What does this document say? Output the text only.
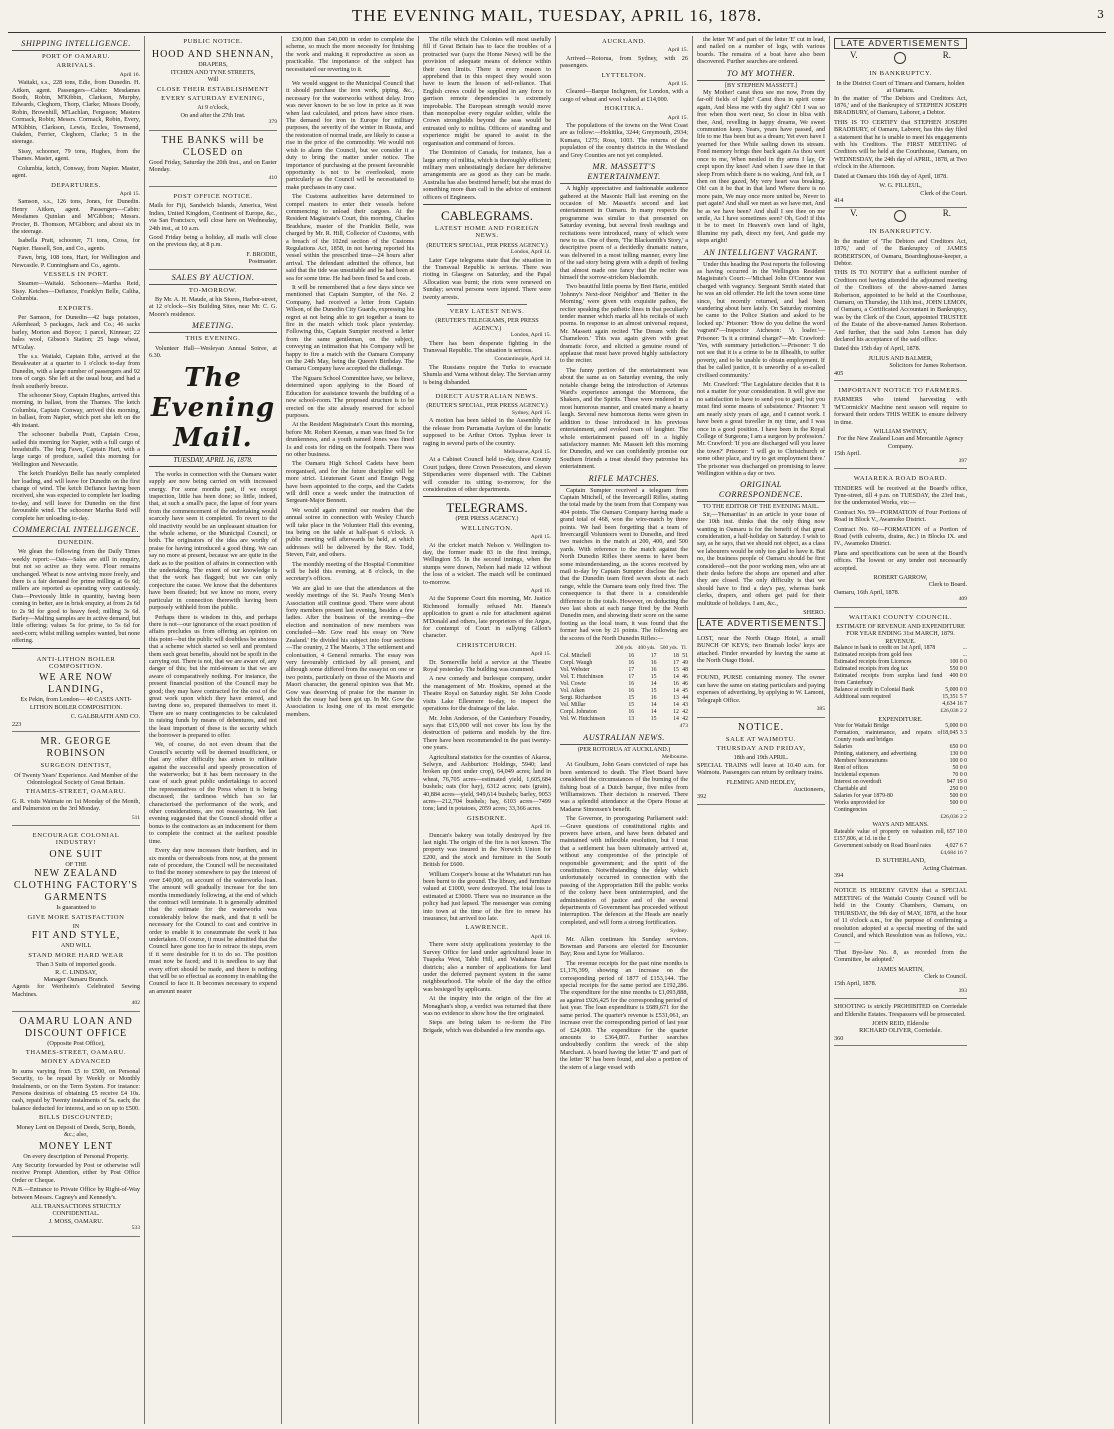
THE EVENING MAIL, TUESDAY, APRIL 16, 1878.	3
SHIPPING INTELLIGENCE.
PORT OF OAMARU.
ARRIVALS.
April 16.

Waitaki, s.s., 228 tons, Edie, from Dunedin. H. Aitken, agent. Passengers—Cabin: Mesdames Booth, Robin, M'Kibbin, Clarkson, Murphy, Edwards, Cleghorn, Thorp, Clarke; Misses Doody, Robin, Brownhill, M'Lachlan, Ferguson; Masters Cormack, Robin; Messrs. Cormack, Robin, Every, M'Kibbin, Clarkson, Lewis, Eccles, Townsend, Oakden, Ferrier, Cleghorn, Clarke; 5 in the steerage.

Sissy, schooner, 79 tons, Hughes, from the Thames. Master, agent.

Columbia, ketch, Conway, from Napier. Master, agent.

DEPARTURES.
April 15.

Samson, s.s., 126 tons, Jones, for Dunedin. Henry Aitken, agent. Passengers—Cabin: Mesdames Quinlan and M'Gibbon; Messrs. Procter, B. Thomson, M'Gibbon; and about six in the steerage.

Isabella Pratt, schooner, 71 tons, Cross, for Napier. Hassell, Son, and Co., agents.

Fawn, brig, 108 tons, Hart, for Wellington and Newcastle. P. Cunningham and Co., agents.

VESSELS IN PORT.

Steamer—Waitaki. Schooners—Martha Reid, Sissy. Ketches—Defiance, Franklyn Belle, Caltha, Columbia.

EXPORTS.

Per Samson, for Dunedin—42 bags potatoes, Aikenhead; 3 packages, Jack and Co.; 46 sacks barley, Morton and Boyce; 1 parcel, Kinnear; 22 bales wool, Gibson's Station; 25 bags wheat, M'Gulay.

The s.s. Waitaki, Captain Edie, arrived at the Breakwater at a quarter to 1 o'clock to-day from Dunedin, with a large number of passengers and 92 tons of cargo. She left at the usual hour, and had a fresh southerly breeze.

The schooner Sissy, Captain Hughes, arrived this morning, in ballast, from the Thames. The ketch Columbia, Captain Conway, arrived this morning, in ballast, from Napier, which port she left on the 4th instant.

The schooner Isabella Pratt, Captain Cross, sailed this morning for Napier, with a full cargo of breadstuffs. The brig Fawn, Captain Hart, with a large cargo of produce, sailed this morning for Wellington and Newcastle.

The ketch Franklyn Belle has nearly completed her loading, and will leave for Dunedin on the first change of wind. The ketch Defiance having been received, she was expected to complete her loading to-day, and will leave for Dunedin on the first favourable wind. The schooner Martha Reid will complete her unloading to-day.

COMMERCIAL INTELLIGENCE.
DUNEDIN.

We glean the following from the Daily Times weekly report:—Oats—Sales are still in enquiry, but not so active as they were. Flour remains unchanged. Wheat is now arriving more freely, and there is a fair demand for prime milling at 6s 6d; millers are reported as operating very cautiously. Oats—Previously little in quantity, having been coming in better, are in brisk enquiry, at from 2s 6d to 2s 9d for good to heavy feed; milling 3s 6d. Barley—Malting samples are in active demand, but little offering; values 5s for prime, to 5s 6d for seed-corn; whilst milling samples wanted, but none offering.

ANTI-LITHON BOILER COMPOSITION.
WE ARE NOW LANDING,

Ex Pekin, from London— 40 CASES ANTI-LITHON BOILER COMPOSITION.

C. GALBRAITH AND CO.
223
MR. GEORGE ROBINSON
SURGEON DENTIST,

Of Twenty Years' Experience. And Member of the Odontological Society of Great Britain.

THAMES-STREET, OAMARU.

G. R. visits Waimate on 1st Monday of the Month, and Palmerston on the 3rd Monday.

511
ENCOURAGE COLONIAL INDUSTRY!
ONE SUIT
OF THE
NEW ZEALAND CLOTHING FACTORY'S GARMENTS
Is guaranteed to
GIVE MORE SATISFACTION
IN
FIT AND STYLE,
AND WILL
STAND MORE HARD WEAR
Than 3 Suits of imported goods.
R. C. LINDSAY,
Manager Oamaru Branch.

Agents for Wertheim's Celebrated Sewing Machines.

402
OAMARU LOAN AND DISCOUNT OFFICE
(Opposite Post Office),
THAMES-STREET, OAMARU.
MONEY ADVANCED

In sums varying from £5 to £500, on Personal Security, to be repaid by Weekly or Monthly Instalments, or on the Term System. For instance: Persons desirous of obtaining £5 receive £4 10s. cash, repaid by Twenty instalments of 5s. each; the balance deducted for interest, and so on up to £500.

BILLS DISCOUNTED;

Money Lent on Deposit of Deeds, Scrip, Bonds, &c.; also,

MONEY LENT

On every description of Personal Property.

Any Security forwarded by Post or otherwise will receive Prompt Attention, either by Post Office Order or Cheque.

N.B.—Entrance to Private Office by Right-of-Way between Messrs. Cagney's and Kennedy's.

ALL TRANSACTIONS STRICTLY CONFIDENTIAL.
J. MOSS, OAMARU.
533
PUBLIC NOTICE.
HOOD AND SHENNAN,
DRAPERS,
ITCHEN AND TYNE STREETS,
Will
CLOSE THEIR ESTABLISHMENT
EVERY SATURDAY EVENING,
At 9 o'clock,
On and after the 27th Inst.
379
THE BANKS will be CLOSED on

Good Friday, Saturday the 20th Inst., and on Easter Monday.

410
POST OFFICE NOTICE.

Mails for Fiji, Sandwich Islands, America, West Indies, United Kingdom, Continent of Europe, &c., via San Francisco, will close here on Wednesday, 24th inst., at 10 a.m.

Good Friday being a holiday, all mails will close on the previous day, at 8 p.m.

F. BRODIE,
Postmaster.
SALES BY AUCTION.
TO-MORROW.

By Mr. A. H. Maude, at his Stores, Harbor-street, at 12 o'clock—Six Building Sites, near Mr. C. G. Moore's residence.

MEETING.
THIS EVENING.

Volunteer Hall—Wesleyan Annual Soiree, at 6.30.

The Evening Mail.
TUESDAY, APRIL 16, 1878.

The works in connection with the Oamaru water supply are now being carried on with increased energy. For some months past, if we except inspection, little has been done; so little, indeed, that, at such a small's pace, the lapse of four years from the commencement of the undertaking would scarcely have seen it completed. To revert to the old inactivity would be an unpleasant situation for the whole scheme, or the Municipal Council, or both. The originators of the idea are worthy of praise for having introduced a good thing. We can say no more at present, because we are quite in the dark as to the position of affairs in connection with the undertaking. The extent of our knowledge is that the work has flagged; but we can only conjecture the cause. We know that the debentures have been floated; but we know no more, every particular in connection therewith having been purposely withheld from the public.

Perhaps there is wisdom in this, and perhaps there is not—our ignorance of the exact position of affairs precludes us from offering an opinion on this point—but the public will doubtless be anxious that a scheme which started so well and promised them such great benefits, should not be spoilt in the carrying out. There is not, that we are aware of, any danger of this; but the mid-stream is that we are aware of comparatively nothing. For instance, the present financial position of the Council may be good; they may have contracted for the cost of the great work upon which they have entered, and having done so, prepared themselves to meet it. There are so many contingencies to be calculated in raising funds by means of debentures, and not the least important of these is the security which the borrower is prepared to offer.

We, of course, do not even dream that the Council's security will be deemed insufficient, or that any other difficulty has arisen to militate against the successful and speedy prosecution of the waterworks; but it has been necessary in the case of such great public undertakings to accord the representatives of the Press when it is being discussed; the tardiness which has so far characterised the performance of the work, and other considerations, are not reassuring. We last evening suggested that the Council should offer a bonus to the contractors as an inducement for them to complete the contract at the earliest possible time.

Every day now increases their burthen, and in six months or thereabouts from now, at the present rate of procedure, the Council will be necessitated to find the money somewhere to pay the interest of over £40,000, on account of the waterworks loan. The amount will gradually increase for the ten months immediately following, at the end of which the contract will terminate. It is generally admitted that the estimate for the waterworks was considerably below the mark, and that it will be necessary for the Council to cast and contrive in order to enable it to consummate the work it has undertaken. Of course, it must be admitted that the Council have gone too far to retrace its steps, even if it were desirable for it to do so. The position must now be faced; and it is needless to say that every effort should be made, and there is nothing that will be so effectual as economy in enabling the Council to face it. It becomes necessary to expend an amount nearer

£30,000 than £40,000 in order to complete the scheme, so much the more necessity for finishing the work and making it reproductive as soon as practicable. The importance of the subject has necessitated our reverting to it.

We would suggest to the Municipal Council that it should purchase the iron work, piping, &c., necessary for the waterworks without delay. Iron was never known to be so low in price as it was when last calculated, and prices have since risen. The demand for iron in Europe for military purposes, the severity of the winter in Russia, and the restoration of normal trade, are likely to cause a rise in the price of the commodity. We would not wish to alarm the Council, but we consider it a duty to bring the matter under notice. The importance of purchasing at the present favourable opportunity is not to be overlooked, more particularly as the Council will be necessitated to make purchases in any case.

The Customs authorities have determined to compel masters to enter their vessels before commencing to unload their cargoes. At the Resident Magistrate's Court, this morning, Charles Bradshaw, master of the Franklin Belle, was charged by Mr. R. Hill, Collector of Customs, with a breach of the 102nd section of the Customs Regulations Act, 1858, in not having reported his vessel within the prescribed time—24 hours after arrival. The defendant admitted the offence, but said that the tide was unsuitable and he had been at sea for some time. He had been fined 5s and costs.

It will be remembered that a few days since we mentioned that Captain Sumpter, of the No. 2 Company, had received a letter from Captain Wilson, of the Dunedin City Guards, expressing his regret at not being able to get together a team to fire in the match which took place yesterday. Following this, Captain Sumpter received a letter from the same gentleman, on the subject, conveying an intimation that his Company will be happy to fire a match with the Oamaru Company on the 24th May, being the Queen's Birthday. The Oamaru Company have accepted the challenge.

The Nguaru School Committee have, we believe, determined upon applying to the Board of Education for assistance towards the building of a new school-room. The proposed structure is to be erected on the site already reserved for school purposes.

At the Resident Magistrate's Court this morning, before Mr. Robert Keenan, a man was fined 5s for drunkenness, and a youth named Jones was fined 1s and costs for riding on the footpath. There was no other business.

The Oamaru High School Cadets have been reorganised, and for the future discipline will be more strict. Lieutenant Grant and Ensign Pegg have been appointed to the corps, and the Cadets will drill once a week under the instruction of Sergeant-Major Bennett.

We would again remind our readers that the annual soiree in connection with Wesley Church will take place in the Volunteer Hall this evening, tea being on the table at half-past 6 o'clock. A public meeting will afterwards be held, at which addresses will be delivered by the Rev. Todd, Steven, Fair, and others.

The monthly meeting of the Hospital Committee will be held this evening, at 8 o'clock, in the secretary's offices.

We are glad to see that the attendances at the weekly meetings of the St. Paul's Young Men's Association still continue good. There were about forty members present last evening, besides a few ladies. After the business of the evening—the election and nomination of new members was concluded—Mr. Gow read his essay on 'New Zealand.' He divided his subject into four sections—The country, 2 The Maoris, 3 The settlement and colonisation, 4 General remarks. The essay was very favourably criticised by all present, and although some differed from the essayist on one or two points, particularly on those of the Maoris and Maori character, the general opinion was that Mr. Gow was deserving of praise for the manner in which the essay had been got up. In Mr. Gow the Association is losing one of its most energetic members.

The rifle which the Colonies will most usefully fill if Great Britain has to face the troubles of a protracted war (says the Home News) will be the provision of adequate means of defence within their own limits. There is every reason to apprehend that in this respect they would soon have to learn the lesson of self-reliance. That English crews could be supplied in any force to garrison remote dependencies is extremely improbable. The European strength would move than monopolise every regular soldier, while the Crown strongholds beyond the seas would be entrusted only to militia. Officers of standing and experience might be spared to assist in the organisation and command of forces.

The Dominion of Canada, for instance, has a large army of militia, which is thoroughly efficient; military men unhesitatingly declare her defensive arrangements are as good as they can be made. Australia has also bestirred herself; but she must do something more than call in the advice of eminent officers of Engineers.

CABLEGRAMS.
LATEST HOME AND FOREIGN NEWS.
(REUTER'S SPECIAL, PER PRESS AGENCY.)
London, April 14.

Later Cape telegrams state that the situation in the Transvaal Republic is serious. There was rioting in Glasgow on Saturday, and the Papal Allocation was burnt; the riots were renewed on Sunday; several persons were injured. There were twenty arrests.

VERY LATEST NEWS.
(REUTER'S TELEGRAMS, PER PRESS AGENCY.)
London, April 15.

There has been desperate fighting in the Transvaal Republic. The situation is serious.

Constantinople, April 14.

The Russians require the Turks to evacuate Shumla and Varna without delay. The Servian army is being disbanded.

DIRECT AUSTRALIAN NEWS.
(REUTER'S SPECIAL, PER PRESS AGENCY.)
Sydney, April 15.

A motion has been tabled in the Assembly for the release from Parramatta Asylum of the lunatic supposed to be Arthur Orton. Typhus fever is raging in several parts of the country.

Melbourne, April 15.

At a Cabinet Council held to-day, three County Court judges, three Crown Prosecutors, and eleven Stipendiaries were dispensed with. The Cabinet will consider its sitting to-morrow, for the consideration of other departments.

TELEGRAMS.
(PER PRESS AGENCY.)
WELLINGTON.
April 15.

At the cricket match Nelson v. Wellington to-day, the former made 83 in the first innings, Wellington 55. In the second innings, when the stumps were drawn, Nelson had made 12 without the loss of a wicket. The match will be continued to-morrow.

April 16.

At the Supreme Court this morning, Mr. Justice Richmond formally refused Mr. Hanna's application to grant a rule for attachment against M'Donald and others, late proprietors of the Argus, for contempt of Court in sullying Gillon's character.

CHRISTCHURCH.
April 15.

Dr. Somerville held a service at the Theatre Royal yesterday. The building was crammed.

A new comedy and burlesque company, under the management of Mr. Hoskins, opened at the Theatre Royal on Saturday night. Sir John Coode visits Lake Ellesmere to-day, to inspect the operations for the drainage of the lake.

Mr. John Anderson, of the Canterbury Foundry, says that £15,000 will not cover his loss by the destruction of patterns and models by the fire. There have been recommended in the past twenty-one years.

Agricultural statistics for the counties of Akaroa, Selwyn, and Ashburton: Holdings, 5940; land broken up (not under crop), 64,049 acres; land in wheat, 76,705 acres—estimated yield, 1,605,684 bushels; oats (for hay), 6312 acres; oats (grain), 40,884 acres—yield, 949,614 bushels; barley, 9053 acres—212,704 bushels; hay, 6103 acres—7499 tons; land in potatoes, 2059 acres; 33,366 acres.

GISBORNE.
April 16.

Duncan's bakery was totally destroyed by fire last night. The origin of the fire is not known. The property was insured in the Norwich Union for £200, and the stock and furniture in the South British for £600.

William Cooper's house at the Whataturi run has been burnt to the ground. The library, and furniture valued at £1000, were destroyed. The total loss is estimated at £3000. There was no insurance as the policy had just lapsed. The messenger was coming into town at the time of the fire to renew his insurance, but arrived too late.

LAWRENCE.
April 16.

There were sixty applications yesterday to the Survey Office for land under agricultural lease in Tuapeka West, Table Hill, and Waitahuna East districts; also a number of applications for land under the deferred payment system in the same neighbourhood. The whole of the day the office was besieged by applicants.

At the inquiry into the origin of the fire at Monaghan's shop, a verdict was returned that there was no evidence to show how the fire originated.

Steps are being taken to re-form the Fire Brigade, which was disbanded a few months ago.

AUCKLAND.
April 15.

Arrived—Rotorua, from Sydney, with 26 passengers.

LYTTELTON.
April 15.

Cleared—Barque Inchgreen, for London, with a cargo of wheat and wool valued at £14,000.

HOKITIKA.
April 15.

The populations of the towns on the West Coast are as follow:—Hokitika, 3244; Greymouth, 2934; Kumara, 1275; Ross, 1003. The returns of the population of the country districts in the Westland and Grey Counties are not yet completed.

MR. MASSETT'S ENTERTAINMENT.

A highly appreciative and fashionable audience gathered at the Masonic Hall last evening on the occasion of Mr. Massett's second and last entertainment in Oamaru. In many respects the programme was similar to that presented on Saturday evening, but several fresh readings and recitations were introduced, many of which were new to us. One of them, 'The Blacksmith's Story,' a descriptive poem of a decidedly dramatic nature, was delivered in a most telling manner, every line of the sad story being given with a depth of feeling that almost made one fancy that the reciter was himself the sorrow-stricken blacksmith.

Two beautiful little poems by Bret Harte, entitled 'Johnny's Next-door Neighbor' and 'Better in the Morning,' were given with exquisite pathos, the reciter speaking the pathetic lines in that peculiarly tender manner which marks all his recitals of such poems. In response to an almost universal request, Mr. Massett again recited 'The Dream with the Chameleon.' This was again given with great dramatic force, and elicited a genuine round of applause that must have proved highly satisfactory to the reciter.

The funny portion of the entertainment was about the same as on Saturday evening, the only notable change being the introduction of Artemus Ward's experience amongst the Mormons, the Shakers, and the Spirits. These were rendered in a most humorous manner, and created many a hearty laugh. Several new humorous items were given in addition to those introduced in his previous entertainment, and evoked roars of laughter. The whole entertainment passed off in a highly satisfactory manner. Mr. Massett left this morning for Dunedin, and we can confidently promise our Southern friends a treat should they patronise his entertainment.

RIFLE MATCHES.

Captain Sumpter received a telegram from Captain Mitchell, of the Invercargill Rifles, stating the total made by the team from that Company was 404 points. The Oamaru Company having made a grand total of 468, won the wire-match by three points. We had been forgetting that a team of Invercargill Volunteers went to Dunedin, and fired two matches in the match at 200, 400, and 500 yards. With reference to the match against the North Dunedin Rifles there seems to have been some misunderstanding, as the scores received by mail to-day by Captain Sumpter disclose the fact that the Dunedin team fired seven shots at each range, while the Oamaru team only fired five. The consequence is that there is a considerable difference in the totals. However, on deducting the two last shots at each range fired by the North Dunedin men, and showing their score on the same footing as the local team, it was found that the former had won by 21 points. The following are the scores of the North Dunedin Rifles:—

	200 yds.	400 yds.	500 yds.	Tl.
Col. Mitchell	16	17	18	51
Corpl. Waugh	16	16	17	49
Vol. Webster	17	16	15	48
Vol. T. Hutchinson	17	15	14	46
Vol. Cowie	16	14	16	46
Vol. Aiken	16	15	14	45
Sergt. Richardson	15	16	13	44
Vol. Millar	15	14	14	43
Corpl. Johnston	16	14	12	42
Vol. W. Hutchinson	13	15	14	42
473
AUSTRALIAN NEWS.
(PER ROTORUA AT AUCKLAND.)
Melbourne.

At Goulburn, John Gears convicted of rape has been sentenced to death. The Fleet Board have considered the circumstances of the burning of the fishing boat of a Dutch barque, five miles from Williamstown. Their decision is reserved. There was a splendid attendance at the Opera House at Madame Simonsen's benefit.

The Governor, in prorogueing Parliament said:—Grave questions of constitutional rights and powers have arisen, and have been debated and maintained with inflexible resolution, but I trust that a settlement has been ultimately arrived at, without any compromise of the principle of responsible government; and the spirit of the constitution. Notwithstanding the delay which unfortunately occurred in connection with the passing of the Appropriation Bill the public works of the colony have been uninterrupted, and the administration of justice and of the several departments of Government has proceeded without interruption. The defences at the Heads are nearly completed, and will form a strong fortification.

Sydney.

Mr. Allen continues his Sunday services. Bowman and Parsons are elected for Encounter Bay; Ross and Lyne for Wallaroo.

The revenue receipts for the past nine months is £1,176,399, showing an increase on the corresponding period of 1877 of £153,144. The special receipts for the same period are £192,286. The expenditure for the nine months is £1,093,888, as against £926,425 for the corresponding period of last year. The loan expenditure is £689,671 for the same period. The quarter's revenue is £531,061, an increase over the corresponding period of last year of £24,000. The expenditure for the quarter amounts to £364,807. Further searches undoubtedly confirm the wreck of the ship Marchant. A board having the letter 'E' and part of the letter 'R' has been found, and also a portion of the stern of a large vessel with

the letter 'M' and part of the letter 'E' cut in lead, and nailed on a number of logs, with various boards. The remains of a boat have also been discovered. Further searches are ordered.

TO MY MOTHER.
[BY STEPHEN MASSETT.]

My Mother! canst thou see me now, From thy far-off fields of light? Canst thou in spirit come again, And bless me with thy sight? Oh! I was so free when thou wert near, So close in bliss with thee, And, revelling in happy dreams, We sweet communion keep. Years, years have passed, and life to me Has been but as a dream; Yet even have I yearned for thee While sailing down its stream. Fond memory brings thee back again As thou wert once to me, When nestled in thy arms I lay, Or crept upon thy knee! And when I saw thee in that sleep From which there is no waking, And felt, as I then on thee gazed, My very heart was breaking. Oh! can it be that in that land Where there is no more pain, We may once more united be, Never to part again? And shall we meet as we have met, And be as we have been? And shall I see thee on me smile, As I have sometimes seen? Oh, God! if this it be to meet In Heaven's own land of light, Illumine my path, direct my feet, And guide my steps aright!

AN INTELLIGENT VAGRANT.

Under this heading the Post reports the following as having occurred in the Wellington Resident Magistrate's Court:—'Michael John O'Connor was charged with vagrancy. Sergeant Smith stated that he was an old offender. He left the town some time since, but recently returned, and had been wandering about here lately. On Saturday morning he came to the Police Station and asked to be locked up.' Prisoner: 'How do you define the word vagrant?'—Inspector Atcheson: 'A loafer.'—Prisoner: 'Is it a criminal charge?'—Mr. Crawford: 'Yes, with summary jurisdiction.'—Prisoner: 'I do not see that it is a crime to be in illhealth, to suffer poverty, and to be unable to obtain employment. If that be called justice, it is unworthy of a so-called civilised community.'

Mr. Crawford: 'The Legislature decides that it is not a matter for your consideration. It will give me no satisfaction to have to send you to gaol; but you must find some means of subsistence.' Prisoner: 'I am nearly sixty years of age, and I cannot work. I have been a great traveller in my time, and I was once in a good position. I have been in the Royal College of Surgeons; I am a surgeon by profession.' Mr. Crawford: 'If you are discharged will you leave the town?' Prisoner: 'I will go to Christchurch or some other place, and try to get employment there.' The prisoner was discharged on promising to leave Wellington within a day or two.

ORIGINAL CORRESPONDENCE.
TO THE EDITOR OF THE EVENING MAIL.

Sir,—'Humanitas' in an article in your issue of the 10th inst. thinks that the only thing now wanting in Oamaru is for the benefit of that great consideration, a half-holiday on Saturday. I wish to say, as he says, that we should not object, as a class we labourers would be only too glad to have it. But no, the business people of Oamaru should be first considered—not the poor working men, who are at their desks before the shops are opened and after they are closed. The only difficulty is that we should have to find a day's pay, whereas bank clerks, drapers, and others get paid for their multitude of holidays. I am, &c.,

SHERO.
LATE ADVERTISEMENTS.

LOST, near the North Otago Hotel, a small BUNCH OF KEYS; two Bramah locks' keys are attached. Finder rewarded by leaving the same at the North Otago Hotel.

FOUND, PURSE containing money. The owner can have the same on stating particulars and paying expenses of advertising, by applying to W. Lamont, Telegraph Office.

385
NOTICE.
SALE AT WAIMOTU.
THURSDAY AND FRIDAY,
18th and 19th APRIL.

SPECIAL TRAINS will leave at 10.40 a.m. for Waimotu. Passengers can return by ordinary trains.

FLEMING AND HEDLEY,
Auctioneers,
392
LATE ADVERTISEMENTS
V.	R.
IN BANKRUPTCY.
In the District Court of Timaru and Oamaru, holden at Oamaru.

In the matter of 'The Debtors and Creditors Act, 1876,' and of the Bankruptcy of STEPHEN JOSEPH BRADBURY, of Oamaru, Laborer, a Debtor.

THIS IS TO CERTIFY that STEPHEN JOSEPH BRADBURY, of Oamaru, Laborer, has this day filed a statement that he is unable to meet his engagements with his Creditors. The FIRST MEETING of Creditors will be held at the Courthouse, Oamaru, on WEDNESDAY, the 24th day of APRIL, 1878, at Two o'clock in the Afternoon.

Dated at Oamaru this 16th day of April, 1878.

W. G. FILLEUL,
Clerk of the Court.
414
V.	R.
IN BANKRUPTCY.

In the matter of 'The Debtors and Creditors Act, 1876,' and of the Bankruptcy of JAMES ROBERTSON, of Oamaru, Boardinghouse-keeper, a Debtor.

THIS IS TO NOTIFY that a sufficient number of Creditors not having attended the adjourned meeting of the Creditors of the above-named James Robertson, appointed to be held at the Courthouse, Oamaru, on Thursday, the 11th inst., JOHN LEMON, of Oamaru, a Certificated Accountant in Bankruptcy, was by the Clerk of the Court, appointed TRUSTEE of the Estate of the above-named James Robertson. And further, that the said John Lemon has duly declared his acceptance of the said office.

Dated this 15th day of April, 1878.

JULIUS AND BALMER,
Solicitors for James Robertson.
405
IMPORTANT NOTICE TO FARMERS.

FARMERS who intend harvesting with 'M'Cormick's' Machine next season will require to forward their orders THIS WEEK to ensure delivery in time.

WILLIAM SWINEY,
For the New Zealand Loan and Mercantile Agency Company.
15th April.
397
WAIAREKA ROAD BOARD.

TENDERS will be received at the Board's office, Tyne-street, till 4 p.m. on TUESDAY, the 23rd Inst., for the undernoted Works, viz:—

Contract No. 59—FORMATION of Four Portions of Road in Block V., Awamoko District.

Contract No. 60—FORMATION of a Portion of Road (with culverts, drains, &c.) in Blocks IX. and IV., Awamoko District.

Plans and specifications can be seen at the Board's offices. The lowest or any tender not necessarily accepted.

ROBERT GARROW,
Clerk to Board.
Oamaru, 16th April, 1878.
409
WAITAKI COUNTY COUNCIL.
ESTIMATE OF REVENUE AND EXPENDITURE FOR YEAR ENDING 31st MARCH, 1879.
REVENUE.
Balance in bank to credit on 1st April, 1878	...
Estimated receipts from gold fees	...
Estimated receipts from Licences	100 0 0
Estimated receipts from dog tax	550 0 0
Estimated receipts from surplus land fund from Canterbury	400 0 0
Balance at credit in Colonial Bank	5,000 0 0
Additional sum required	15,351 5 7
	4,634 16 7
£26,036 2 2
EXPENDITURE.
Vote for Waitaki Bridge	5,000 0 0
Formation, maintenance, and repairs of County roads and bridges	18,045 3 3
Salaries	650 0 0
Printing, stationery, and advertising	130 0 0
Members' honorariums	100 0 0
Rent of offices	50 0 0
Incidental expenses	70 0 0
Interest on overdraft	947 19 0
Charitable aid	250 0 0
Salaries for year 1879-80	500 0 0
Works unprovided for	500 0 0
Contingencies	...
£26,036 2 2
WAYS AND MEANS.
Rateable value of property on valuation roll, £157,806, at 1d. in the £	657 10 0
Government subsidy on Road Board rates	4,027 6 7
£4,684 16 7
D. SUTHERLAND,
Acting Chairman.
394

NOTICE IS HEREBY GIVEN that a SPECIAL MEETING of the Waitaki County Council will be held in the County Chambers, Oamaru, on THURSDAY, the 9th day of MAY, 1878, at the hour of 11 o'clock a.m., for the purpose of confirming a resolution adopted at a special meeting of the said Council, and which Resolution was as follows, viz.:—

'That Bye-law No. 8, as recorded from the Committee, be adopted.'

JAMES MARTIN,
Clerk to Council.
15th April, 1878.
393

SHOOTING is strictly PROHIBITED on Corriedale and Elderslie Estates. Trespassers will be prosecuted.

JOHN REID, Elderslie
RICHARD OLIVER, Corriedale.
360
